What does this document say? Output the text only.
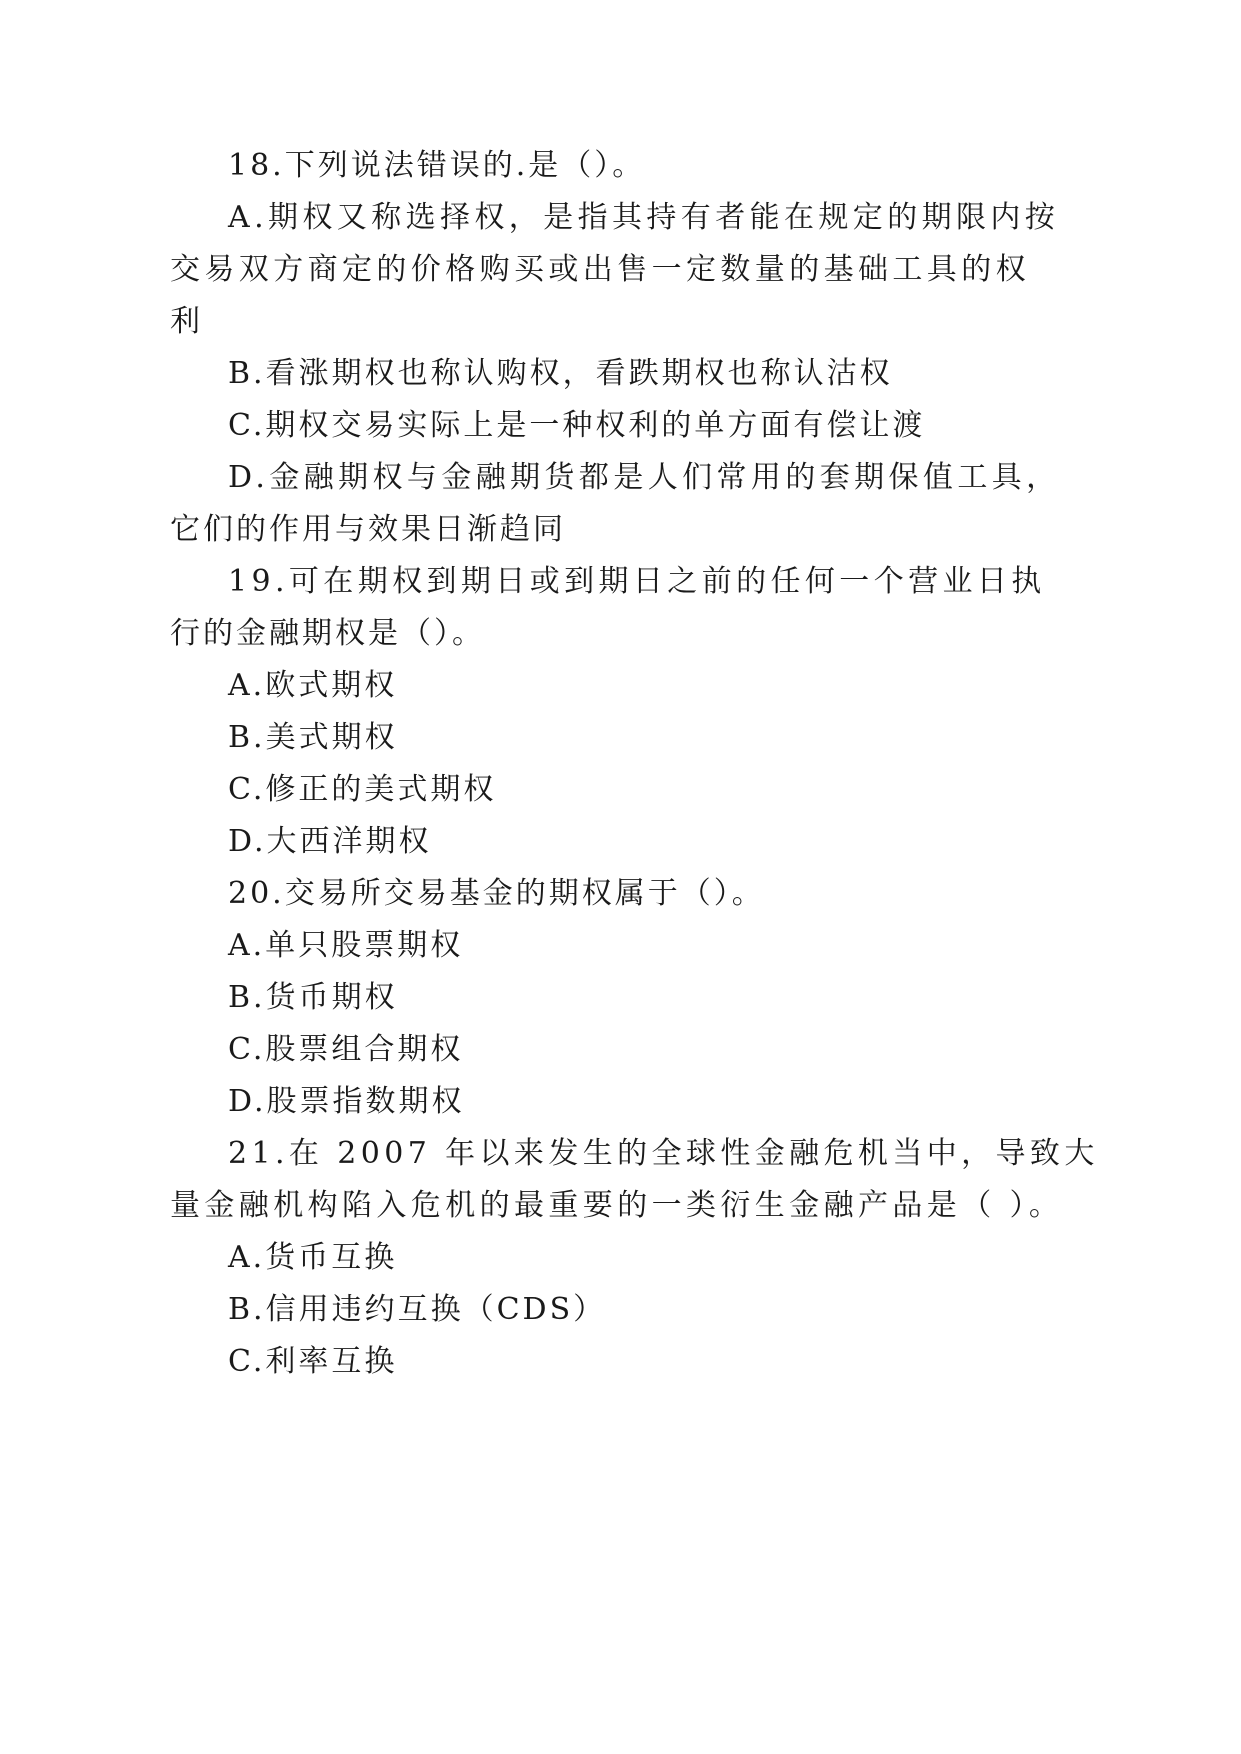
18.下列说法错误的.是（）。
A.期权又称选择权，是指其持有者能在规定的期限内按
交易双方商定的价格购买或出售一定数量的基础工具的权
利
B.看涨期权也称认购权，看跌期权也称认沽权
C.期权交易实际上是一种权利的单方面有偿让渡
D.金融期权与金融期货都是人们常用的套期保值工具，
它们的作用与效果日渐趋同
19.可在期权到期日或到期日之前的任何一个营业日执
行的金融期权是（）。
A.欧式期权
B.美式期权
C.修正的美式期权
D.大西洋期权
20.交易所交易基金的期权属于（）。
A.单只股票期权
B.货币期权
C.股票组合期权
D.股票指数期权
21.在 2007 年以来发生的全球性金融危机当中，导致大
量金融机构陷入危机的最重要的一类衍生金融产品是（ ）。
A.货币互换
B.信用违约互换（CDS）
C.利率互换
